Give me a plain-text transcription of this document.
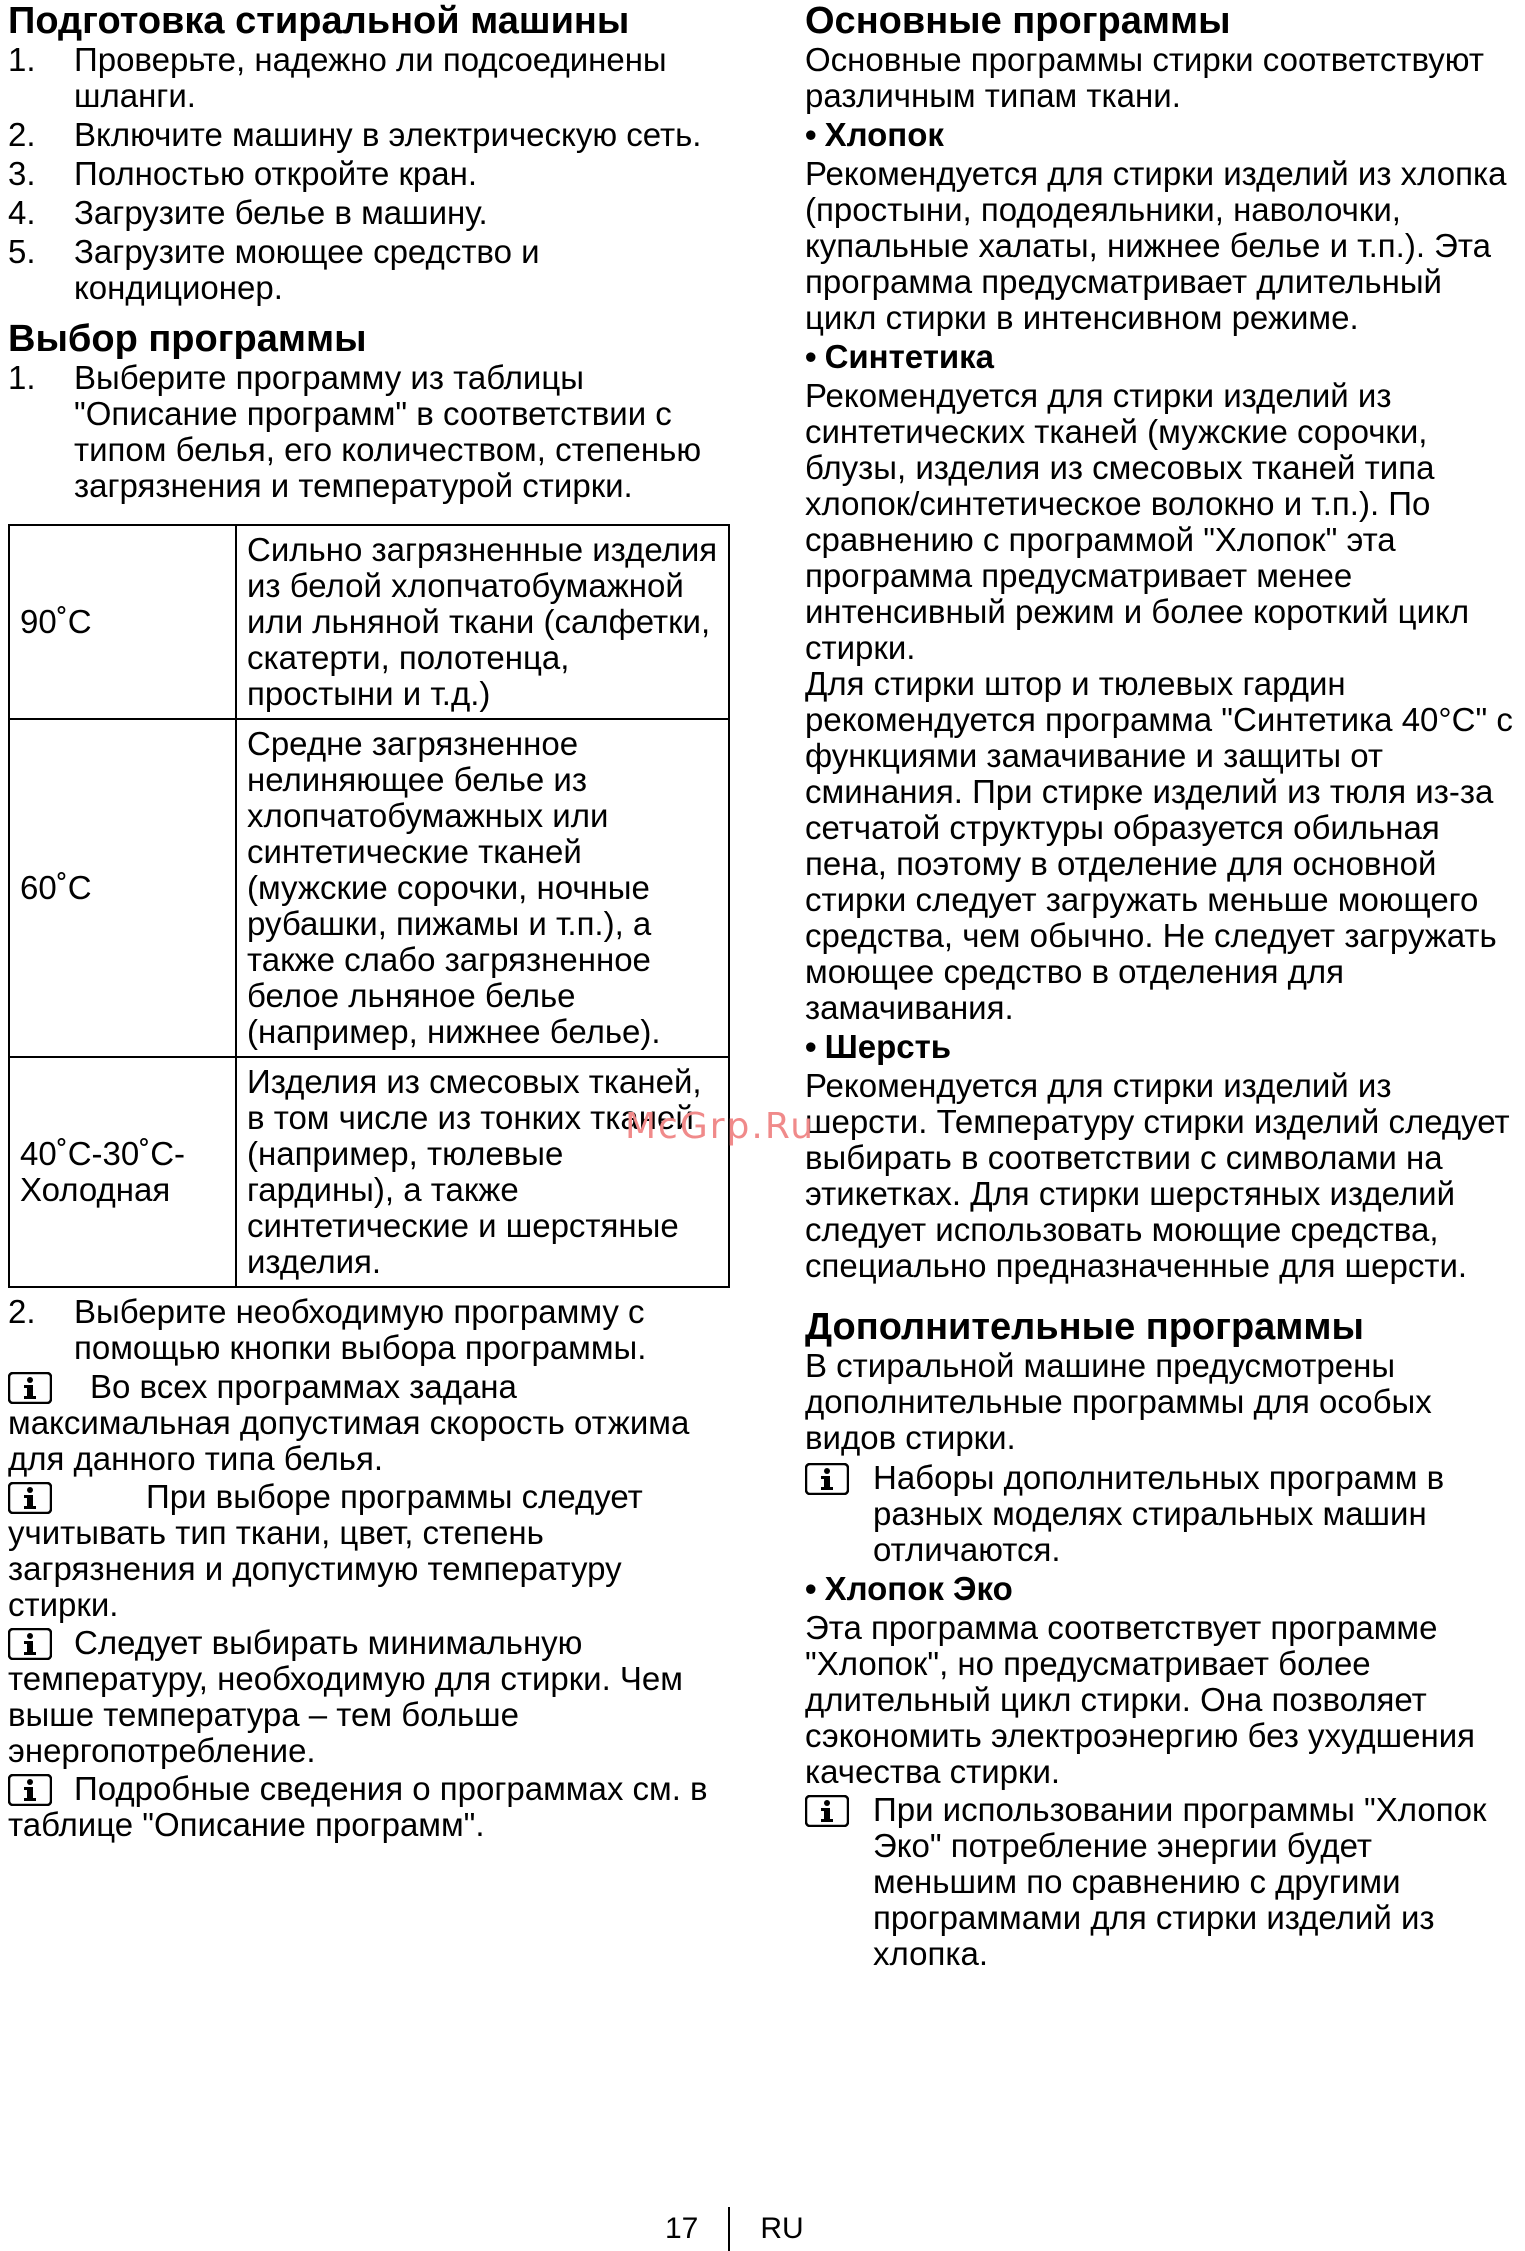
Подготовка стиральной машины
1.	Проверьте, надежно ли подсоединены шланги.
2.	Включите машину в электрическую сеть.
3.	Полностью откройте кран.
4.	Загрузите белье в машину.
5.	Загрузите моющее средство и кондиционер.
Выбор программы
1.	Выберите программу из таблицы "Описание программ" в соответствии с типом белья, его количеством, степенью загрязнения и температурой стирки.
90˚C	Сильно загрязненные изделия из белой хлопчатобумажной или льняной ткани (салфетки, скатерти, полотенца, простыни и т.д.)
60˚C	Средне загрязненное нелиняющее белье из хлопчатобумажных или синтетические тканей (мужские сорочки, ночные рубашки, пижамы и т.п.), а также слабо загрязненное белое льняное белье (например, нижнее белье).
40˚C-30˚C-Холодная	Изделия из смесовых тканей, в том числе из тонких тканей (например, тюлевые гардины), а также синтетические и шерстяные изделия.
2.	Выберите необходимую программу с помощью кнопки выбора программы.
Во всех программах задана максимальная допустимая скорость отжима для данного типа белья.
При выборе программы следует учитывать тип ткани, цвет, степень загрязнения и допустимую температуру стирки.
Следует выбирать минимальную температуру, необходимую для стирки. Чем выше температура – тем больше энергопотребление.
Подробные сведения о программах см. в таблице "Описание программ".
Основные программы

Основные программы стирки соответствуют различным типам ткани.

• Хлопок

Рекомендуется для стирки изделий из хлопка (простыни, пододеяльники, наволочки, купальные халаты, нижнее белье и т.п.). Эта программа предусматривает длительный цикл стирки в интенсивном режиме.

• Синтетика

Рекомендуется для стирки изделий из синтетических тканей (мужские сорочки, блузы, изделия из смесовых тканей типа хлопок/синтетическое волокно и т.п.). По сравнению с программой "Хлопок" эта программа предусматривает менее интенсивный режим и более короткий цикл стирки.

Для стирки штор и тюлевых гардин рекомендуется программа "Синтетика 40°C" с функциями замачивание и защиты от сминания. При стирке изделий из тюля из-за сетчатой структуры образуется обильная пена, поэтому в отделение для основной стирки следует загружать меньше моющего средства, чем обычно. Не следует загружать моющее средство в отделения для замачивания.

• Шерсть

Рекомендуется для стирки изделий из шерсти. Температуру стирки изделий следует выбирать в соответствии с символами на этикетках. Для стирки шерстяных изделий следует использовать моющие средства, специально предназначенные для шерсти.

Дополнительные программы

В стиральной машине предусмотрены дополнительные программы для особых видов стирки.

Наборы дополнительных программ в разных моделях стиральных машин отличаются.
• Хлопок Эко

Эта программа соответствует программе "Хлопок", но предусматривает более длительный цикл стирки. Она позволяет сэкономить электроэнергию без ухудшения качества стирки.

При использовании программы "Хлопок Эко" потребление энергии будет меньшим по сравнению с другими программами для стирки изделий из хлопка.
McGrp.Ru
17 RU
